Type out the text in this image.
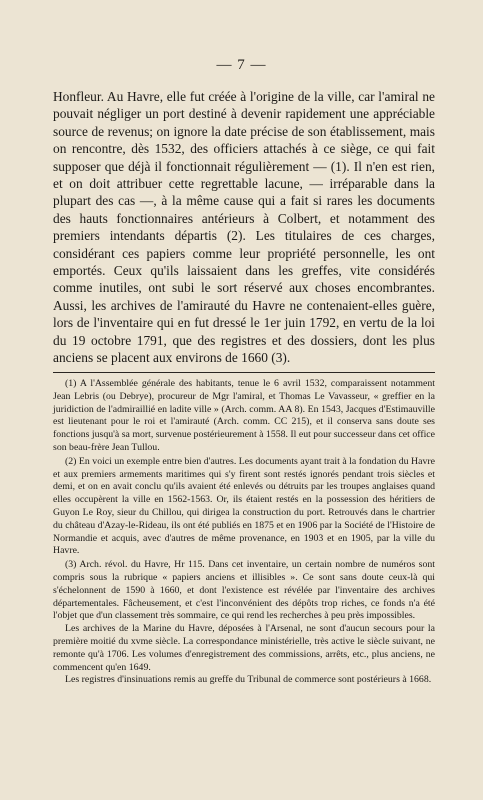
— 7 —

Honfleur. Au Havre, elle fut créée à l'origine de la ville, car l'amiral ne pouvait négliger un port destiné à devenir rapidement une appréciable source de revenus; on ignore la date précise de son établissement, mais on rencontre, dès 1532, des officiers attachés à ce siège, ce qui fait supposer que déjà il fonctionnait régulièrement — (1). Il n'en est rien, et on doit attribuer cette regrettable lacune, — irréparable dans la plupart des cas —, à la même cause qui a fait si rares les documents des hauts fonctionnaires antérieurs à Colbert, et notamment des premiers intendants départis (2). Les titulaires de ces charges, considérant ces papiers comme leur propriété personnelle, les ont emportés. Ceux qu'ils laissaient dans les greffes, vite considérés comme inutiles, ont subi le sort réservé aux choses encombrantes. Aussi, les archives de l'amirauté du Havre ne contenaient-elles guère, lors de l'inventaire qui en fut dressé le 1er juin 1792, en vertu de la loi du 19 octobre 1791, que des registres et des dossiers, dont les plus anciens se placent aux environs de 1660 (3).

(1) A l'Assemblée générale des habitants, tenue le 6 avril 1532, comparaissent notamment Jean Lebris (ou Debrye), procureur de Mgr l'amiral, et Thomas Le Vavasseur, « greffier en la juridiction de l'admiraillié en ladite ville » (Arch. comm. AA 8). En 1543, Jacques d'Estimauville est lieutenant pour le roi et l'amirauté (Arch. comm. CC 215), et il conserva sans doute ses fonctions jusqu'à sa mort, survenue postérieurement à 1558. Il eut pour successeur dans cet office son beau-frère Jean Tullou.

(2) En voici un exemple entre bien d'autres. Les documents ayant trait à la fondation du Havre et aux premiers armements maritimes qui s'y firent sont restés ignorés pendant trois siècles et demi, et on en avait conclu qu'ils avaient été enlevés ou détruits par les troupes anglaises quand elles occupèrent la ville en 1562-1563. Or, ils étaient restés en la possession des héritiers de Guyon Le Roy, sieur du Chillou, qui dirigea la construction du port. Retrouvés dans le chartrier du château d'Azay-le-Rideau, ils ont été publiés en 1875 et en 1906 par la Société de l'Histoire de Normandie et acquis, avec d'autres de même provenance, en 1903 et en 1905, par la ville du Havre.

(3) Arch. révol. du Havre, Hr 115. Dans cet inventaire, un certain nombre de numéros sont compris sous la rubrique « papiers anciens et illisibles ». Ce sont sans doute ceux-là qui s'échelonnent de 1590 à 1660, et dont l'existence est révélée par l'inventaire des archives départementales. Fâcheusement, et c'est l'inconvénient des dépôts trop riches, ce fonds n'a été l'objet que d'un classement très sommaire, ce qui rend les recherches à peu près impossibles.

Les archives de la Marine du Havre, déposées à l'Arsenal, ne sont d'aucun secours pour la première moitié du xvme siècle. La correspondance ministérielle, très active le siècle suivant, ne remonte qu'à 1706. Les volumes d'enregistrement des commissions, arrêts, etc., plus anciens, ne commencent qu'en 1649.

Les registres d'insinuations remis au greffe du Tribunal de commerce sont postérieurs à 1668.
